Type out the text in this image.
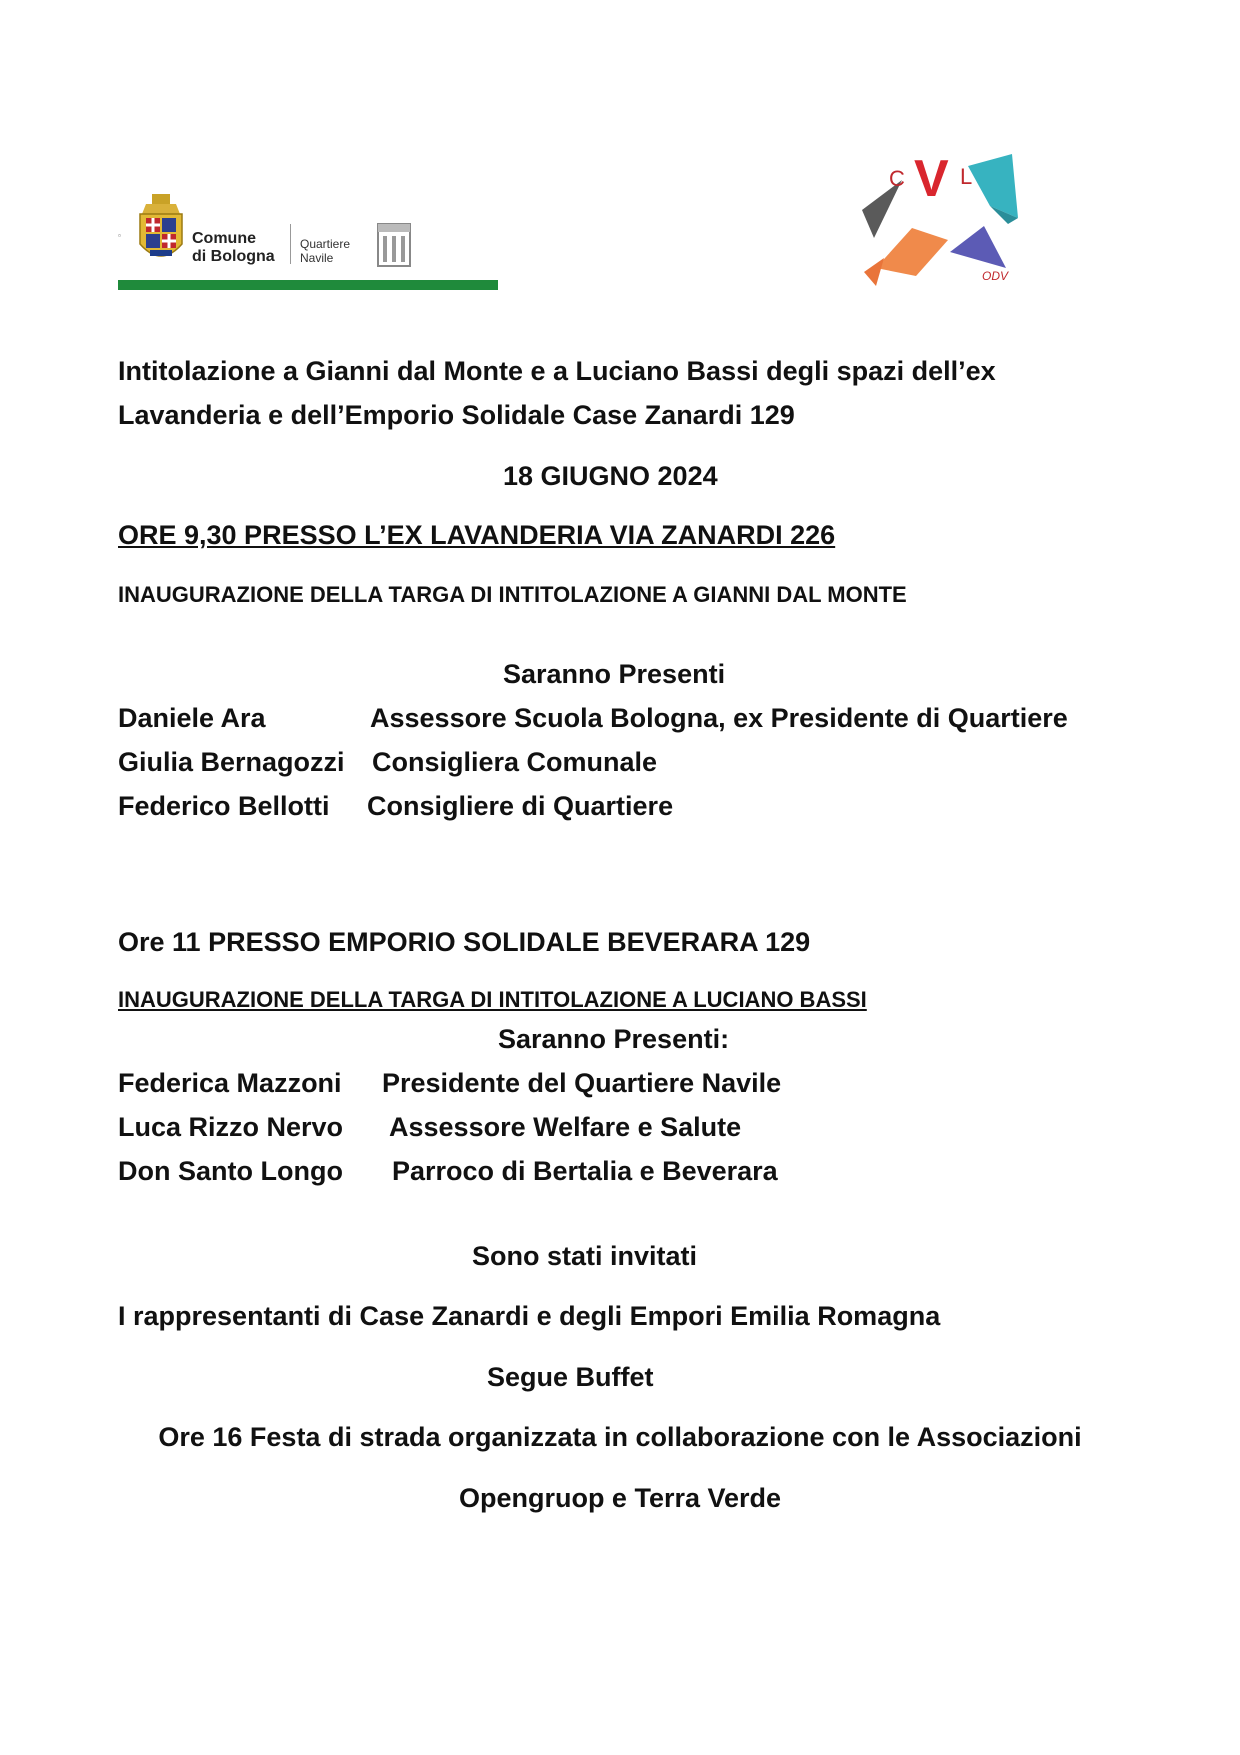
▫	Comune
di Bologna
Quartiere
Navile
C V L
ODV
Intitolazione a Gianni dal Monte e a Luciano Bassi degli spazi dell’ex
Lavanderia e dell’Emporio Solidale Case Zanardi 129
18 GIUGNO 2024
ORE 9,30 PRESSO L’EX LAVANDERIA VIA ZANARDI 226
INAUGURAZIONE DELLA TARGA DI INTITOLAZIONE A GIANNI DAL MONTE
Saranno Presenti
Daniele Ara	Assessore Scuola Bologna, ex Presidente di Quartiere
Giulia Bernagozzi Consigliera Comunale
Federico Bellotti Consigliere di Quartiere
Ore 11 PRESSO EMPORIO SOLIDALE BEVERARA 129
INAUGURAZIONE DELLA TARGA DI INTITOLAZIONE A LUCIANO BASSI
Saranno Presenti:
Federica Mazzoni Presidente del Quartiere Navile
Luca Rizzo Nervo Assessore Welfare e Salute
Don Santo Longo Parroco di Bertalia e Beverara
Sono stati invitati
I rappresentanti di Case Zanardi e degli Empori Emilia Romagna
Segue Buffet
Ore 16 Festa di strada organizzata in collaborazione con le Associazioni
Opengruop e Terra Verde
